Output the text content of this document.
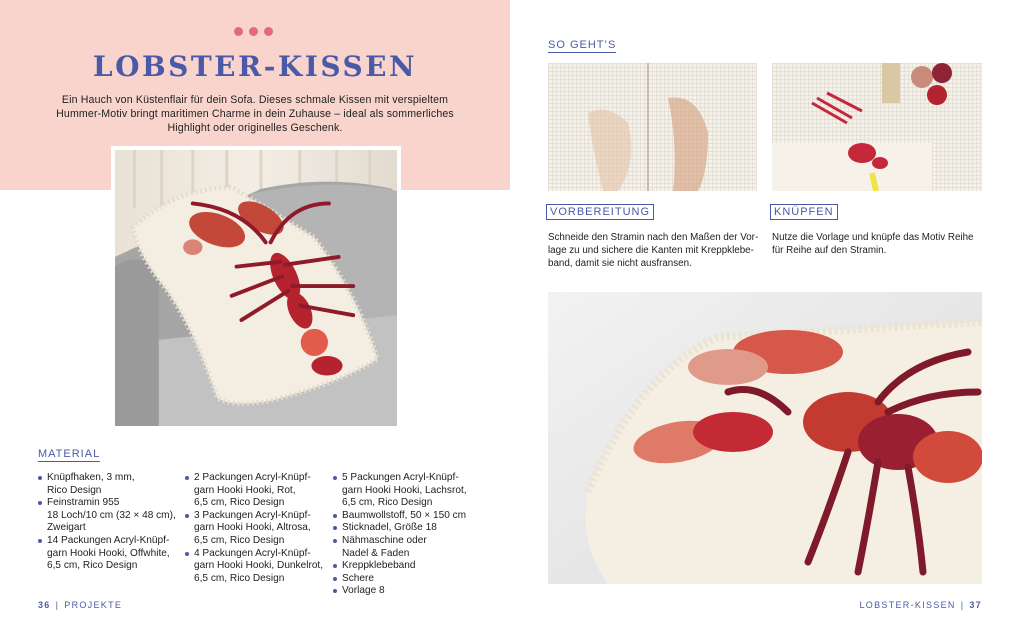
LOBSTER-KISSEN

Ein Hauch von Küstenflair für dein Sofa. Dieses schmale Kissen mit verspieltem Hummer-Motiv bringt maritimen Charme in dein Zuhause – ideal als sommerliches Highlight oder originelles Geschenk.

MATERIAL
Knüpfhaken, 3 mm,
Rico Design
Feinstramin 955
18 Loch/10 cm (32 × 48 cm),
Zweigart
14 Packungen Acryl-Knüpf-
garn Hooki Hooki, Offwhite,
6,5 cm, Rico Design
2 Packungen Acryl-Knüpf-
garn Hooki Hooki, Rot,
6,5 cm, Rico Design
3 Packungen Acryl-Knüpf-
garn Hooki Hooki, Altrosa,
6,5 cm, Rico Design
4 Packungen Acryl-Knüpf-
garn Hooki Hooki, Dunkelrot,
6,5 cm, Rico Design
5 Packungen Acryl-Knüpf-
garn Hooki Hooki, Lachsrot,
6,5 cm, Rico Design
Baumwollstoff, 50 × 150 cm
Sticknadel, Größe 18
Nähmaschine oder
Nadel & Faden
Kreppklebeband
Schere
Vorlage 8
36 | PROJEKTE
SO GEHT’S
VORBEREITUNG	KNÜPFEN

Schneide den Stramin nach den Maßen der Vor-lage zu und sichere die Kanten mit Kreppklebe-band, damit sie nicht ausfransen.

Nutze die Vorlage und knüpfe das Motiv Reihe für Reihe auf den Stramin.

LOBSTER-KISSEN | 37
